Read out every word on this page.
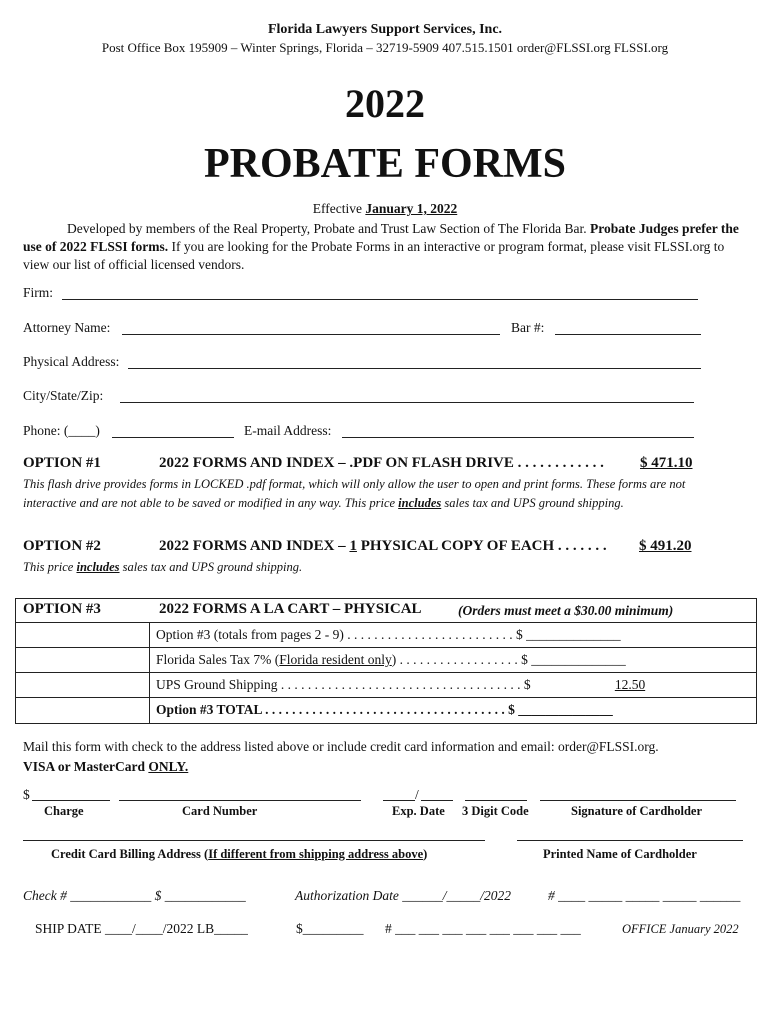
Florida Lawyers Support Services, Inc.
Post Office Box 195909 – Winter Springs, Florida – 32719-5909 407.515.1501 order@FLSSI.org FLSSI.org
2022
PROBATE FORMS
Effective January 1, 2022
Developed by members of the Real Property, Probate and Trust Law Section of The Florida Bar. Probate Judges prefer the use of 2022 FLSSI forms. If you are looking for the Probate Forms in an interactive or program format, please visit FLSSI.org to view our list of official licensed vendors.
Firm:
Attorney Name:	Bar #:
Physical Address:
City/State/Zip:
Phone: (____)	E-mail Address:
OPTION #1	2022 FORMS AND INDEX – .PDF ON FLASH DRIVE . . . . . . . . . . . . $ 471.10
This flash drive provides forms in LOCKED .pdf format, which will only allow the user to open and print forms. These forms are not
interactive and are not able to be saved or modified in any way. This price includes sales tax and UPS ground shipping.
OPTION #2	2022 FORMS AND INDEX – 1 PHYSICAL COPY OF EACH . . . . . . . $ 491.20
This price includes sales tax and UPS ground shipping.
OPTION #3	2022 FORMS A LA CART – PHYSICAL	(Orders must meet a $30.00 minimum)
Option #3 (totals from pages 2 - 9) . . . . . . . . . . . . . . . . . . . . . . . . . $ ______________
Florida Sales Tax 7% (Florida resident only) . . . . . . . . . . . . . . . . . . $ ______________
UPS Ground Shipping . . . . . . . . . . . . . . . . . . . . . . . . . . . . . . . . . . . . $	12.50
Option #3 TOTAL . . . . . . . . . . . . . . . . . . . . . . . . . . . . . . . . . . . . $ ______________
Mail this form with check to the address listed above or include credit card information and email: order@FLSSI.org.
VISA or MasterCard ONLY.
$	/
Charge	Card Number	Exp. Date 3 Digit Code	Signature of Cardholder
Credit Card Billing Address (If different from shipping address above)	Printed Name of Cardholder
Check # ____________ $ ____________	Authorization Date ______/_____/2022	# ____ _____ _____ _____ ______
SHIP DATE ____/____/2022 LB_____	$_________ # ___ ___ ___ ___ ___ ___ ___ ___	OFFICE January 2022
